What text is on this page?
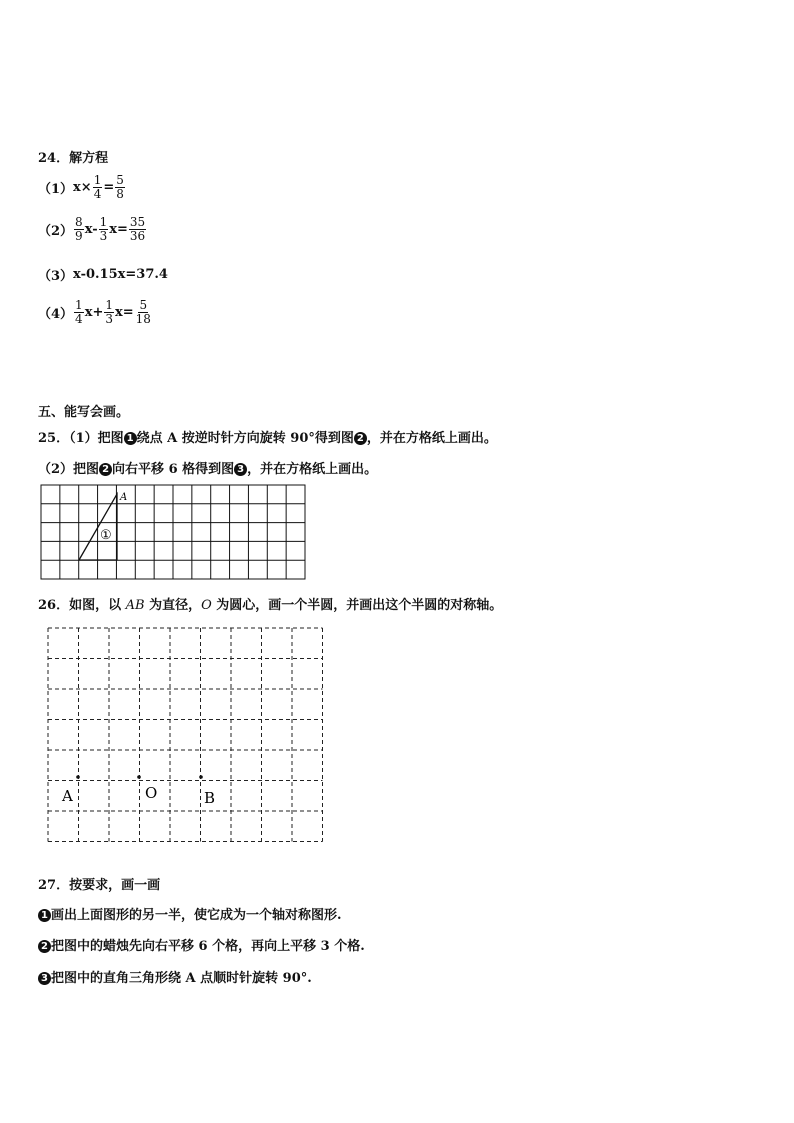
24．解方程
（1） $x\times \frac{1}{4} = \frac{5}{8}$
$(2) \frac{8}{9} x- \frac{1}{3} x= \frac{35}{36}$
（3） x-0.15x=37.4
$(4) \frac{1}{4} x+ \frac{1}{3} x= \frac{5}{18}$
五、能写会画。
25．（1）把图 1 绕点 A 按逆时针方向旋转 90°得到图 2 ，并在方格纸上画出。
（2）把图 2 向右平移 6 格得到图 3 ，并在方格纸上画出。
A
①
26．如图，以 AB 为直径，O 为圆心，画一个半圆，并画出这个半圆的对称轴。
A	O	B
27．按要求，画一画
1 画出上面图形的另一半，使它成为一个轴对称图形.
2 把图中的蜡烛先向右平移 6 个格，再向上平移 3 个格.
3 把图中的直角三角形绕 A 点顺时针旋转 90°.
